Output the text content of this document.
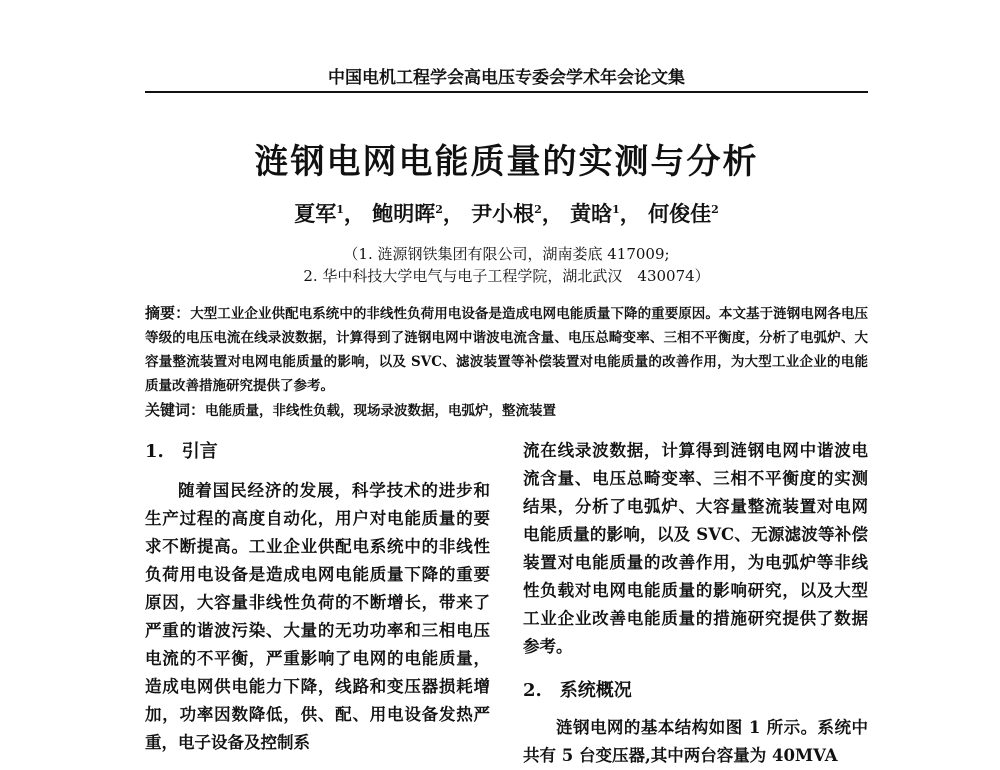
中国电机工程学会高电压专委会学术年会论文集
涟钢电网电能质量的实测与分析
夏军$^1$， 鲍明晖$^2$， 尹小根$^2$， 黄晗$^1$， 何俊佳$^2$
（1. 涟源钢铁集团有限公司，湖南娄底 417009;
2. 华中科技大学电气与电子工程学院，湖北武汉　430074）
摘要：大型工业企业供配电系统中的非线性负荷用电设备是造成电网电能质量下降的重要原因。本文基于涟钢电网各电压等级的电压电流在线录波数据，计算得到了涟钢电网中谐波电流含量、电压总畸变率、三相不平衡度，分析了电弧炉、大容量整流装置对电网电能质量的影响，以及 SVC、滤波装置等补偿装置对电能质量的改善作用，为大型工业企业的电能质量改善措施研究提供了参考。
关键词：电能质量，非线性负载，现场录波数据，电弧炉，整流装置
1.　引言
随着国民经济的发展，科学技术的进步和生产过程的高度自动化，用户对电能质量的要求不断提高。工业企业供配电系统中的非线性负荷用电设备是造成电网电能质量下降的重要原因，大容量非线性负荷的不断增长，带来了严重的谐波污染、大量的无功功率和三相电压电流的不平衡，严重影响了电网的电能质量，造成电网供电能力下降，线路和变压器损耗增加，功率因数降低，供、配、用电设备发热严重，电子设备及控制系
流在线录波数据，计算得到涟钢电网中谐波电流含量、电压总畸变率、三相不平衡度的实测结果，分析了电弧炉、大容量整流装置对电网电能质量的影响，以及 SVC、无源滤波等补偿装置对电能质量的改善作用，为电弧炉等非线性负载对电网电能质量的影响研究，以及大型工业企业改善电能质量的措施研究提供了数据参考。
2.　系统概况
涟钢电网的基本结构如图 1 所示。系统中共有 5 台变压器,其中两台容量为 40MVA
